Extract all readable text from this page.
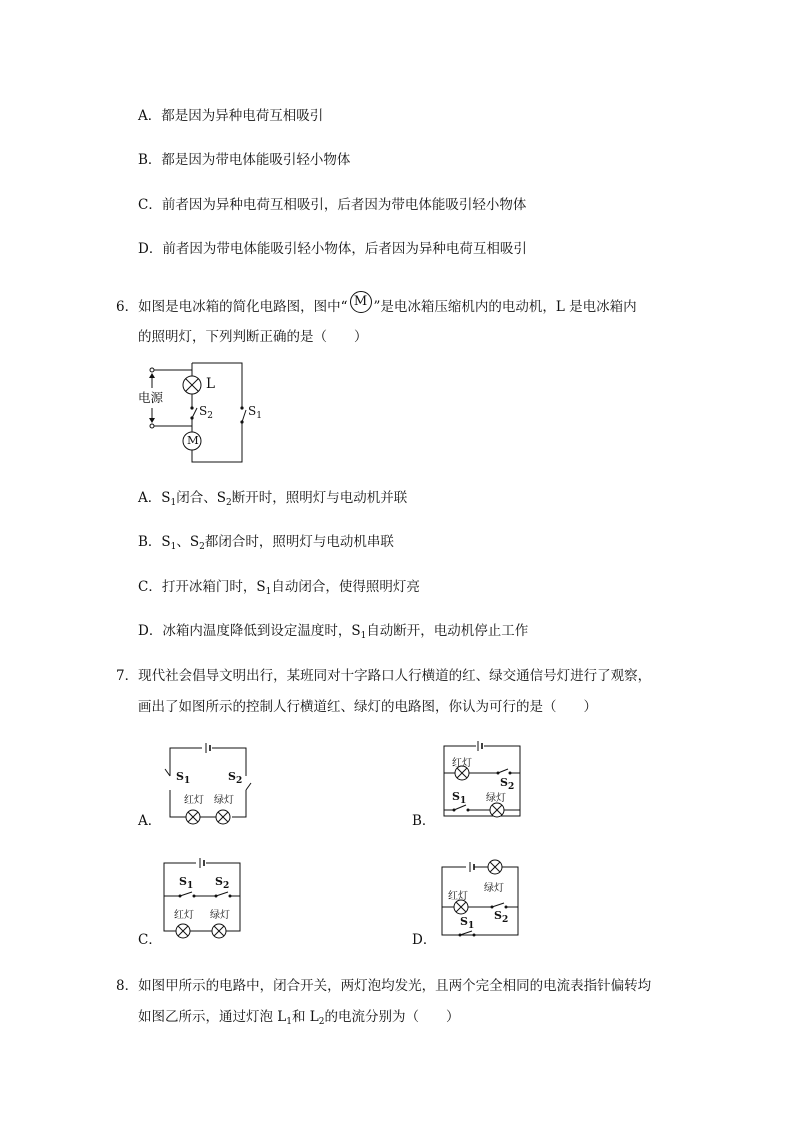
A．都是因为异种电荷互相吸引
B．都是因为带电体能吸引轻小物体
C．前者因为异种电荷互相吸引，后者因为带电体能吸引轻小物体
D．前者因为带电体能吸引轻小物体，后者因为异种电荷互相吸引
6．如图是电冰箱的简化电路图，图中“ M ”是电冰箱压缩机内的电动机，L 是电冰箱内
的照明灯，下列判断正确的是（　　）
电源
L
M
$S_2$	$S_1$
A．$S_1$闭合、$S_2$断开时，照明灯与电动机并联
B．$S_1$、$S_2$都闭合时，照明灯与电动机串联
C．打开冰箱门时，$S_1$自动闭合，使得照明灯亮
D．冰箱内温度降低到设定温度时，$S_1$自动断开，电动机停止工作
7．现代社会倡导文明出行，某班同对十字路口人行横道的红、绿交通信号灯进行了观察，
画出了如图所示的控制人行横道红、绿灯的电路图，你认为可行的是（　　）
A．	B．
C．	D．
$S_1$	$S_2$
红灯 绿灯
红灯
$S_2$
$S_1$ 绿灯
$S_1$ $S_2$
红灯 绿灯
绿灯
红灯
$S_2$
$S_1$
8．如图甲所示的电路中，闭合开关，两灯泡均发光，且两个完全相同的电流表指针偏转均
如图乙所示，通过灯泡 $L_1$和 $L_2$的电流分别为（　　）
